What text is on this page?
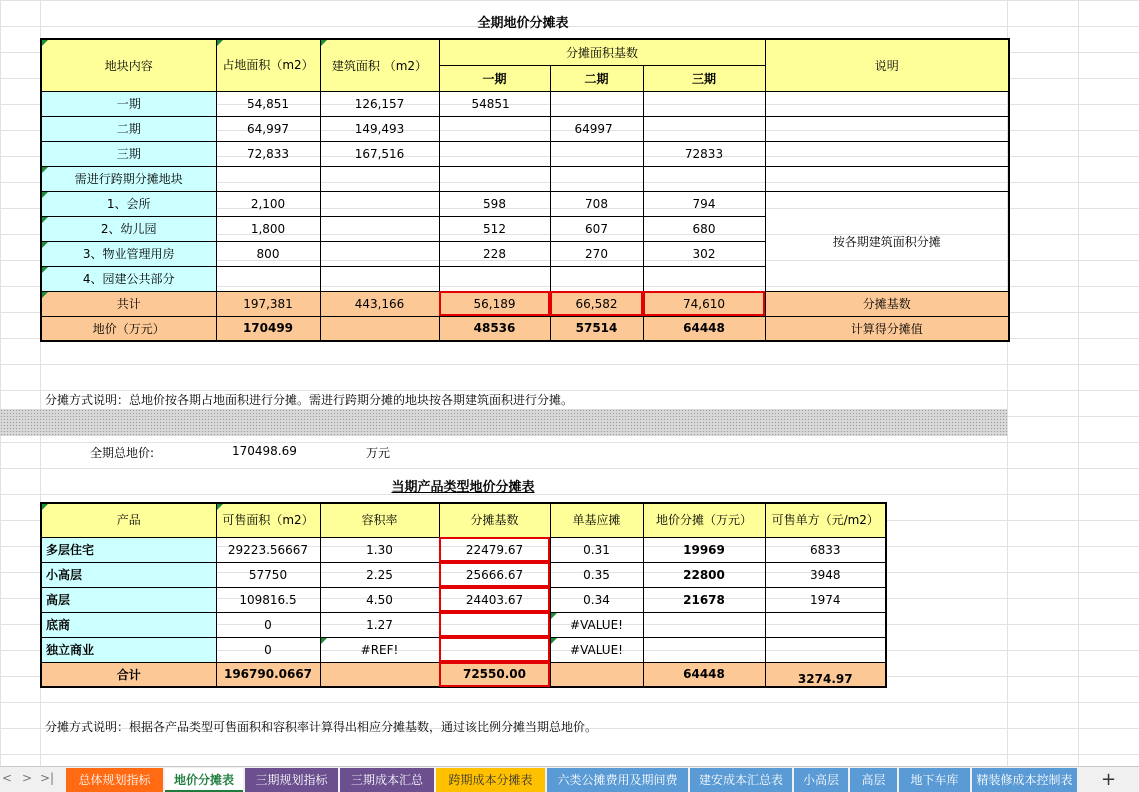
全期地价分摊表
地块内容	占地面积（m2）	建筑面积 （m2）	分摊面积基数			说明
			一期	二期	三期	
一期	54,851	126,157	54851			
二期	64,997	149,493		64997		
三期	72,833	167,516			72833	
需进行跨期分摊地块						
1、会所	2,100		598	708	794	按各期建筑面积分摊
2、幼儿园	1,800		512	607	680	
3、物业管理用房	800		228	270	302	
4、园建公共部分						
共计	197,381	443,166	56,189	66,582	74,610	分摊基数
地价（万元）	170499		48536	57514	64448	计算得分摊值
分摊方式说明：总地价按各期占地面积进行分摊。需进行跨期分摊的地块按各期建筑面积进行分摊。
全期总地价:	170498.69	万元
当期产品类型地价分摊表
产品	可售面积（m2）	容积率	分摊基数	单基应摊	地价分摊（万元）	可售单方（元/m2）
多层住宅	29223.56667	1.30	22479.67	0.31	19969	6833
小高层	57750	2.25	25666.67	0.35	22800	3948
高层	109816.5	4.50	24403.67	0.34	21678	1974
底商	0	1.27		#VALUE!		
独立商业	0	#REF!		#VALUE!		
合计	196790.0667		72550.00		64448	3274.97
分摊方式说明：根据各产品类型可售面积和容积率计算得出相应分摊基数，通过该比例分摊当期总地价。
< > >|	总体规划指标	地价分摊表	三期规划指标	三期成本汇总	跨期成本分摊表	六类公摊费用及期间费	建安成本汇总表	小高层	高层	地下车库	精装修成本控制表 +
